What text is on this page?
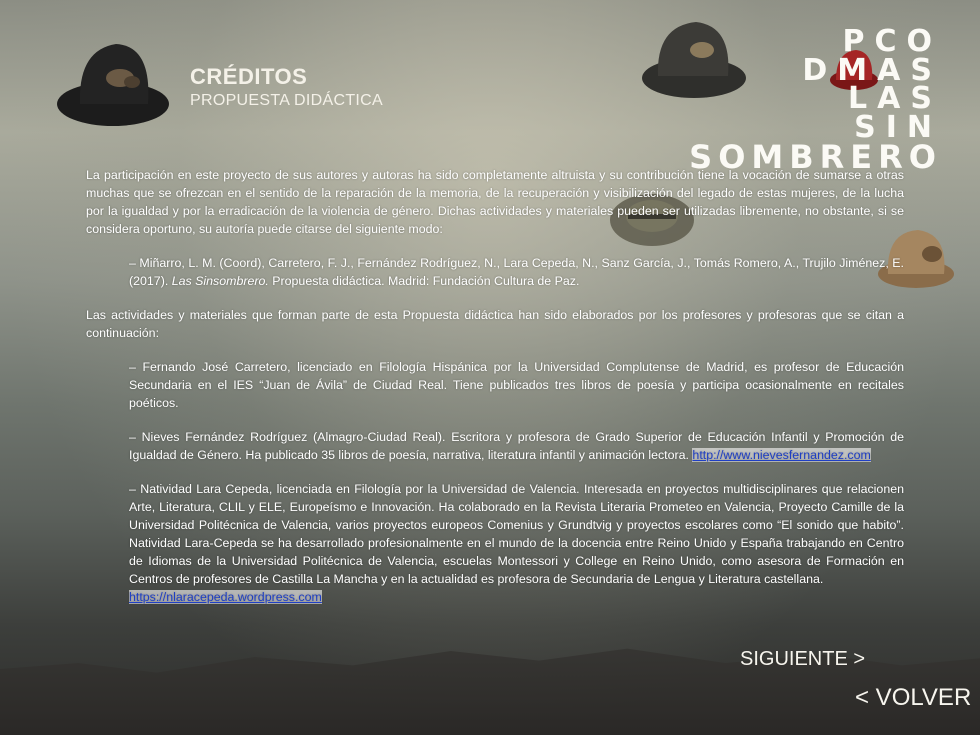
CRÉDITOS
PROPUESTA DIDÁCTICA
PCO
DMAS
LAS
SIN
SOMBRERO

La participación en este proyecto de sus autores y autoras ha sido completamente altruista y su contribución tiene la vocación de sumarse a otras muchas que se ofrezcan en el sentido de la reparación de la memoria, de la recuperación y visibilización del legado de estas mujeres, de la lucha por la igualdad y por la erradicación de la violencia de género. Dichas actividades y materiales pueden ser utilizadas libremente, no obstante, si se considera oportuno, su autoría puede citarse del siguiente modo:

– Miñarro, L. M. (Coord), Carretero, F. J., Fernández Rodríguez, N., Lara Cepeda, N., Sanz García, J., Tomás Romero, A., Trujilo Jiménez, E. (2017). Las Sinsombrero. Propuesta didáctica. Madrid: Fundación Cultura de Paz.

Las actividades y materiales que forman parte de esta Propuesta didáctica han sido elaborados por los profesores y profesoras que se citan a continuación:

– Fernando José Carretero, licenciado en Filología Hispánica por la Universidad Complutense de Madrid, es profesor de Educación Secundaria en el IES “Juan de Ávila” de Ciudad Real. Tiene publicados tres libros de poesía y participa ocasionalmente en recitales poéticos.

– Nieves Fernández Rodríguez (Almagro-Ciudad Real). Escritora y profesora de Grado Superior de Educación Infantil y Promoción de Igualdad de Género. Ha publicado 35 libros de poesía, narrativa, literatura infantil y animación lectora. http://www.nievesfernandez.com

– Natividad Lara Cepeda, licenciada en Filología por la Universidad de Valencia. Interesada en proyectos multidisciplinares que relacionen Arte, Literatura, CLIL y ELE, Europeísmo e Innovación. Ha colaborado en la Revista Literaria Prometeo en Valencia, Proyecto Camille de la Universidad Politécnica de Valencia, varios proyectos europeos Comenius y Grundtvig y proyectos escolares como “El sonido que habito”. Natividad Lara-Cepeda se ha desarrollado profesionalmente en el mundo de la docencia entre Reino Unido y España trabajando en Centro de Idiomas de la Universidad Politécnica de Valencia, escuelas Montessori y College en Reino Unido, como asesora de Formación en Centros de profesores de Castilla La Mancha y en la actualidad es profesora de Secundaria de Lengua y Literatura castellana.
https://nlaracepeda.wordpress.com

SIGUIENTE >
< VOLVER
